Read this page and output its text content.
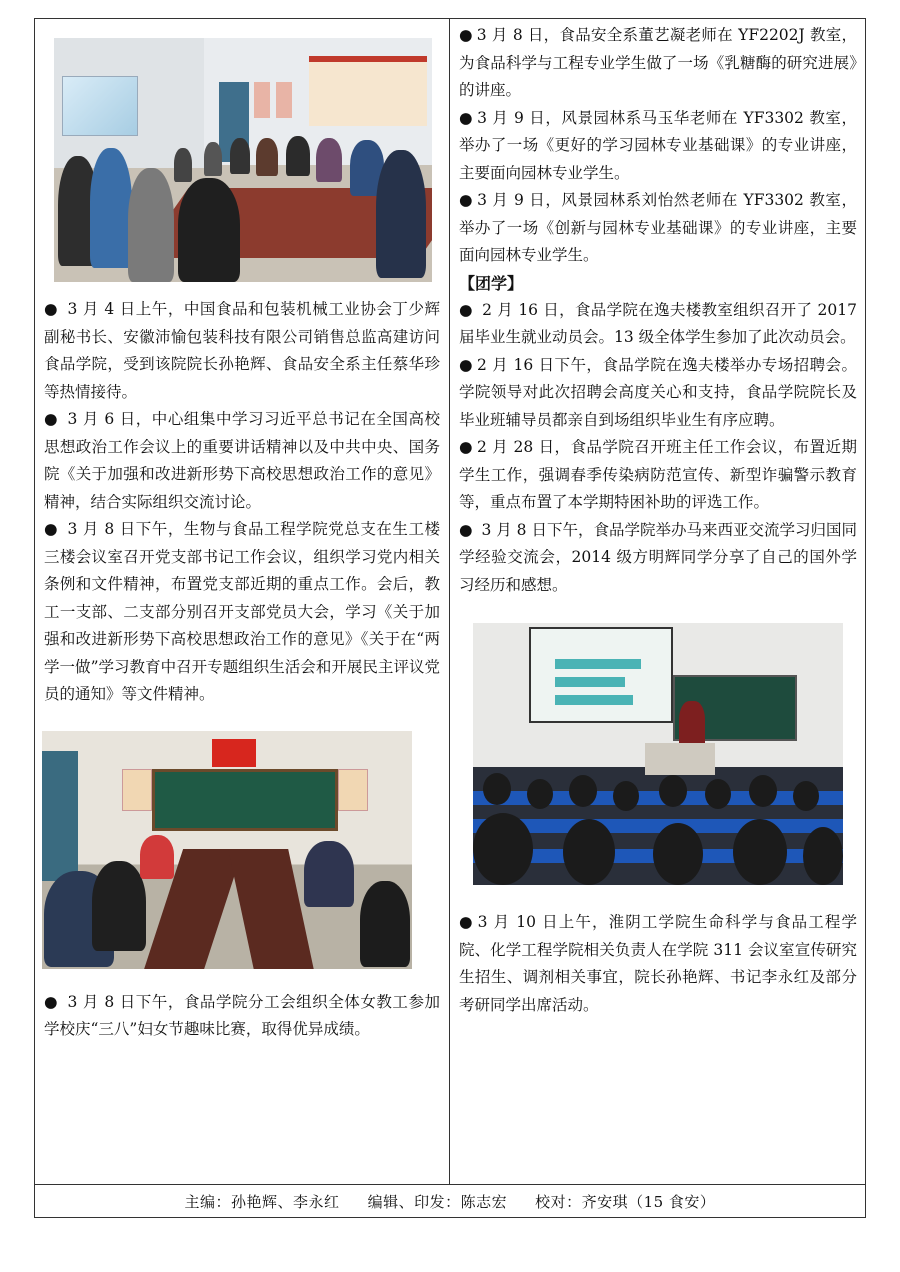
● 3 月 4 日上午，中国食品和包装机械工业协会丁少辉副秘书长、安徽沛愉包装科技有限公司销售总监高建访问食品学院，受到该院院长孙艳辉、食品安全系主任蔡华珍等热情接待。

● 3 月 6 日，中心组集中学习习近平总书记在全国高校思想政治工作会议上的重要讲话精神以及中共中央、国务院《关于加强和改进新形势下高校思想政治工作的意见》精神，结合实际组织交流讨论。

● 3 月 8 日下午，生物与食品工程学院党总支在生工楼三楼会议室召开党支部书记工作会议，组织学习党内相关条例和文件精神，布置党支部近期的重点工作。会后，教工一支部、二支部分别召开支部党员大会，学习《关于加强和改进新形势下高校思想政治工作的意见》《关于在“两学一做”学习教育中召开专题组织生活会和开展民主评议党员的通知》等文件精神。

● 3 月 8 日下午，食品学院分工会组织全体女教工参加学校庆“三八”妇女节趣味比赛，取得优异成绩。

● 3 月 8 日，食品安全系董艺凝老师在 YF2202J 教室，为食品科学与工程专业学生做了一场《乳糖酶的研究进展》的讲座。

● 3 月 9 日，风景园林系马玉华老师在 YF3302 教室，举办了一场《更好的学习园林专业基础课》的专业讲座，主要面向园林专业学生。

● 3 月 9 日，风景园林系刘怡然老师在 YF3302 教室，举办了一场《创新与园林专业基础课》的专业讲座，主要面向园林专业学生。

【团学】

● 2 月 16 日，食品学院在逸夫楼教室组织召开了 2017 届毕业生就业动员会。13 级全体学生参加了此次动员会。

● 2 月 16 日下午，食品学院在逸夫楼举办专场招聘会。学院领导对此次招聘会高度关心和支持，食品学院院长及毕业班辅导员都亲自到场组织毕业生有序应聘。

● 2 月 28 日，食品学院召开班主任工作会议，布置近期学生工作，强调春季传染病防范宣传、新型诈骗警示教育等，重点布置了本学期特困补助的评选工作。

● 3 月 8 日下午，食品学院举办马来西亚交流学习归国同学经验交流会，2014 级方明辉同学分享了自己的国外学习经历和感想。

● 3 月 10 日上午，淮阴工学院生命科学与食品工程学院、化学工程学院相关负责人在学院 311 会议室宣传研究生招生、调剂相关事宜，院长孙艳辉、书记李永红及部分考研同学出席活动。

主编：孙艳辉、李永红 编辑、印发：陈志宏 校对：齐安琪（15 食安）
